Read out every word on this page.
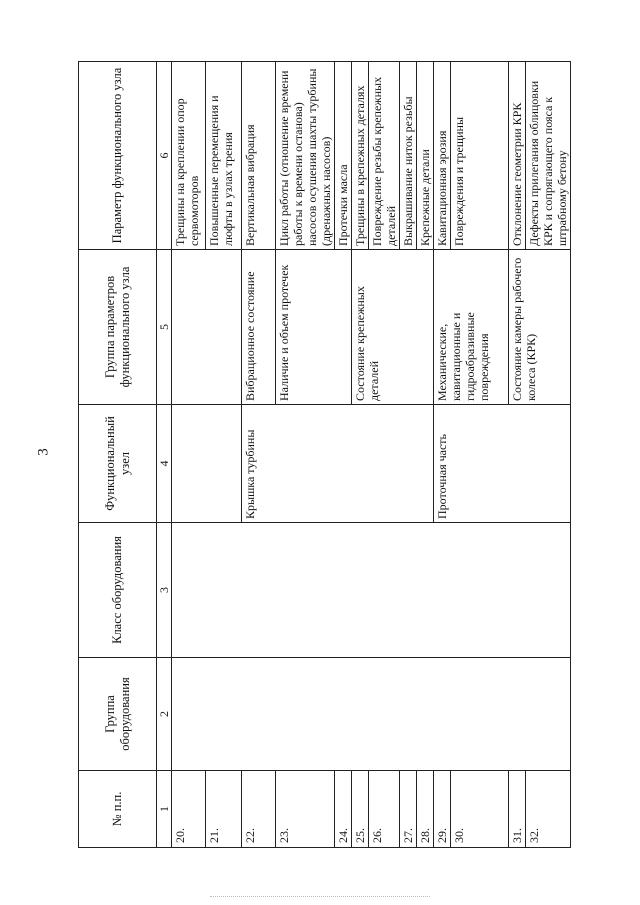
3
№ п.п.	Группа оборудования	Класс оборудования	Функциональный узел	Группа параметров функционального узла	Параметр функционального узла
1	2	3	4	5	6
20.					Трещины на креплении опор сервомоторов
21.					Повышенные перемещения и люфты в узлах трения
22.			Крышка турбины	Вибрационное состояние	Вертикальная вибрация
23.				Наличие и объем протечек	Цикл работы (отношение времени работы к времени останова) насосов осушения шахты турбины (дренажных насосов)
24.					Протечки масла
25.				Состояние крепежных деталей	Трещины в крепежных деталях
26.					Повреждение резьбы крепежных деталей
27.					Выкрашивание ниток резьбы
28.					Крепежные детали
29.			Проточная часть	Механические, кавитационные и гидроабразивные повреждения	Кавитационная эрозия
30.					Повреждения и трещины
31.				Состояние камеры рабочего колеса (КРК)	Отклонение геометрии КРК
32.					Дефекты прилегания облицовки КРК и сопрягающего пояса к штрабному бетону
